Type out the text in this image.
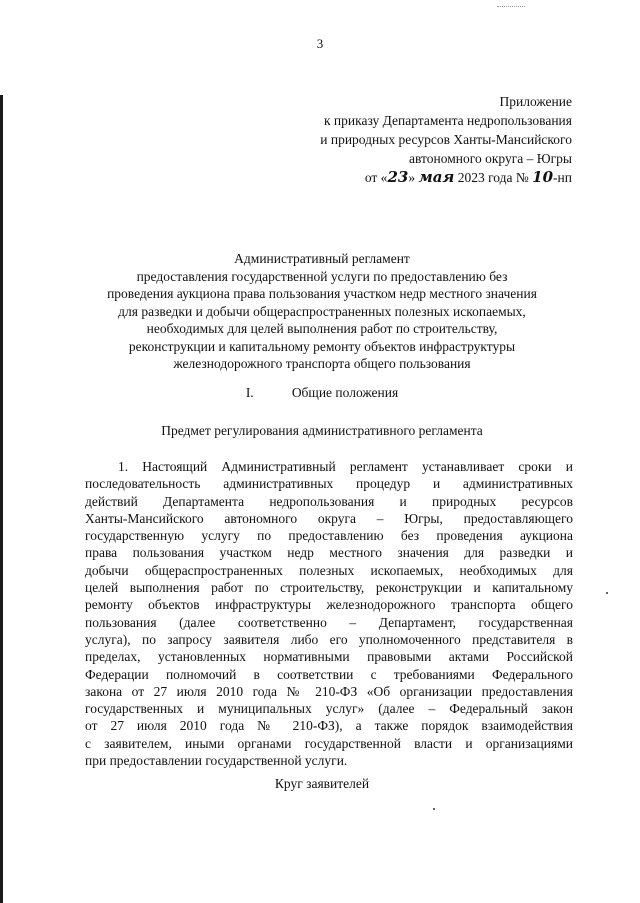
3
Приложение
к приказу Департамента недропользования
и природных ресурсов Ханты-Мансийского
автономного округа – Югры
от «23» мая 2023 года № 10-нп
Административный регламент
предоставления государственной услуги по предоставлению без
проведения аукциона права пользования участком недр местного значения
для разведки и добычи общераспространенных полезных ископаемых,
необходимых для целей выполнения работ по строительству,
реконструкции и капитальному ремонту объектов инфраструктуры
железнодорожного транспорта общего пользования
I.	Общие положения
Предмет регулирования административного регламента
1. Настоящий Административный регламент устанавливает сроки и
последовательность административных процедур и административных
действий Департамента недропользования и природных ресурсов
Ханты-Мансийского автономного округа – Югры, предоставляющего
государственную услугу по предоставлению без проведения аукциона
права пользования участком недр местного значения для разведки и
добычи общераспространенных полезных ископаемых, необходимых для
целей выполнения работ по строительству, реконструкции и капитальному
ремонту объектов инфраструктуры железнодорожного транспорта общего
пользования (далее соответственно – Департамент, государственная
услуга), по запросу заявителя либо его уполномоченного представителя в
пределах, установленных нормативными правовыми актами Российской
Федерации полномочий в соответствии с требованиями Федерального
закона от 27 июля 2010 года № 210-ФЗ «Об организации предоставления
государственных и муниципальных услуг» (далее – Федеральный закон
от 27 июля 2010 года № 210-ФЗ), а также порядок взаимодействия
с заявителем, иными органами государственной власти и организациями
при предоставлении государственной услуги.
Круг заявителей
